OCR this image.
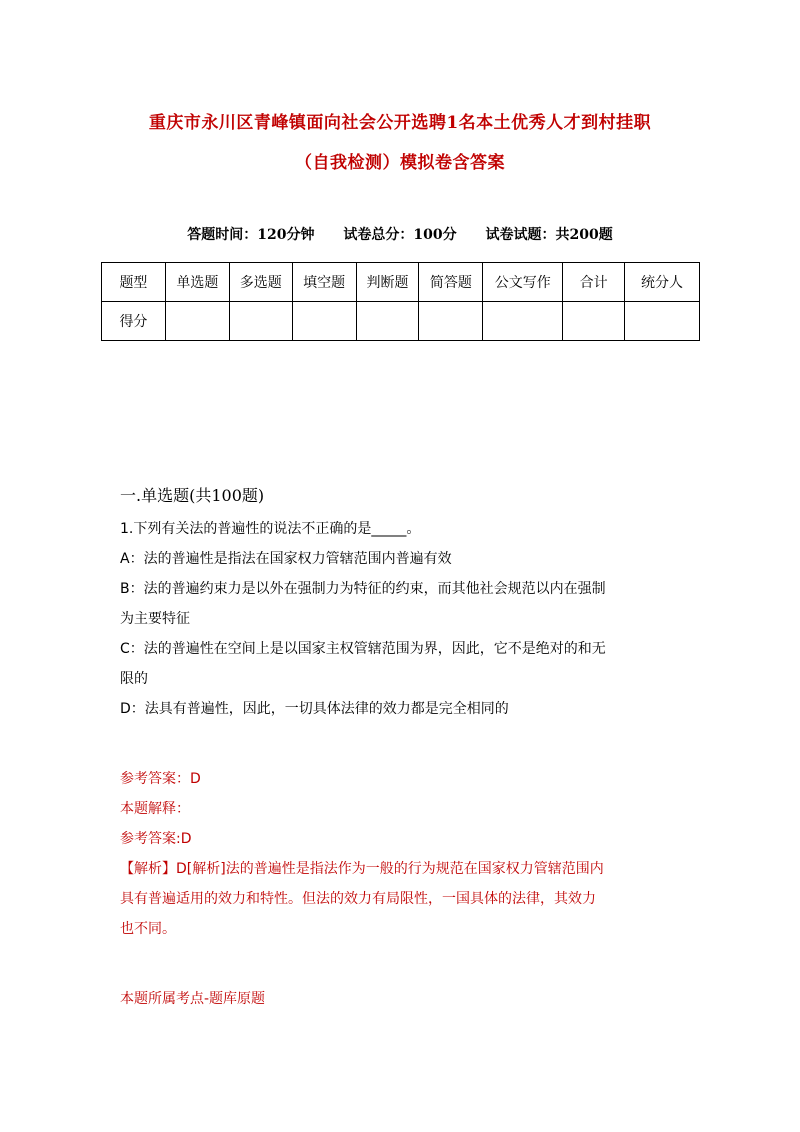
重庆市永川区青峰镇面向社会公开选聘1名本土优秀人才到村挂职
（自我检测）模拟卷含答案
答题时间：120分钟 试卷总分：100分 试卷试题：共200题
题型	单选题	多选题	填空题	判断题	简答题	公文写作	合计	统分人
得分								
一.单选题(共100题)
1.下列有关法的普遍性的说法不正确的是_____。
A：法的普遍性是指法在国家权力管辖范围内普遍有效
B：法的普遍约束力是以外在强制力为特征的约束，而其他社会规范以内在强制
为主要特征
C：法的普遍性在空间上是以国家主权管辖范围为界，因此，它不是绝对的和无
限的
D：法具有普遍性，因此，一切具体法律的效力都是完全相同的
参考答案：D
本题解释：
参考答案:D
【解析】D[解析]法的普遍性是指法作为一般的行为规范在国家权力管辖范围内
具有普遍适用的效力和特性。但法的效力有局限性，一国具体的法律，其效力
也不同。
本题所属考点-题库原题
